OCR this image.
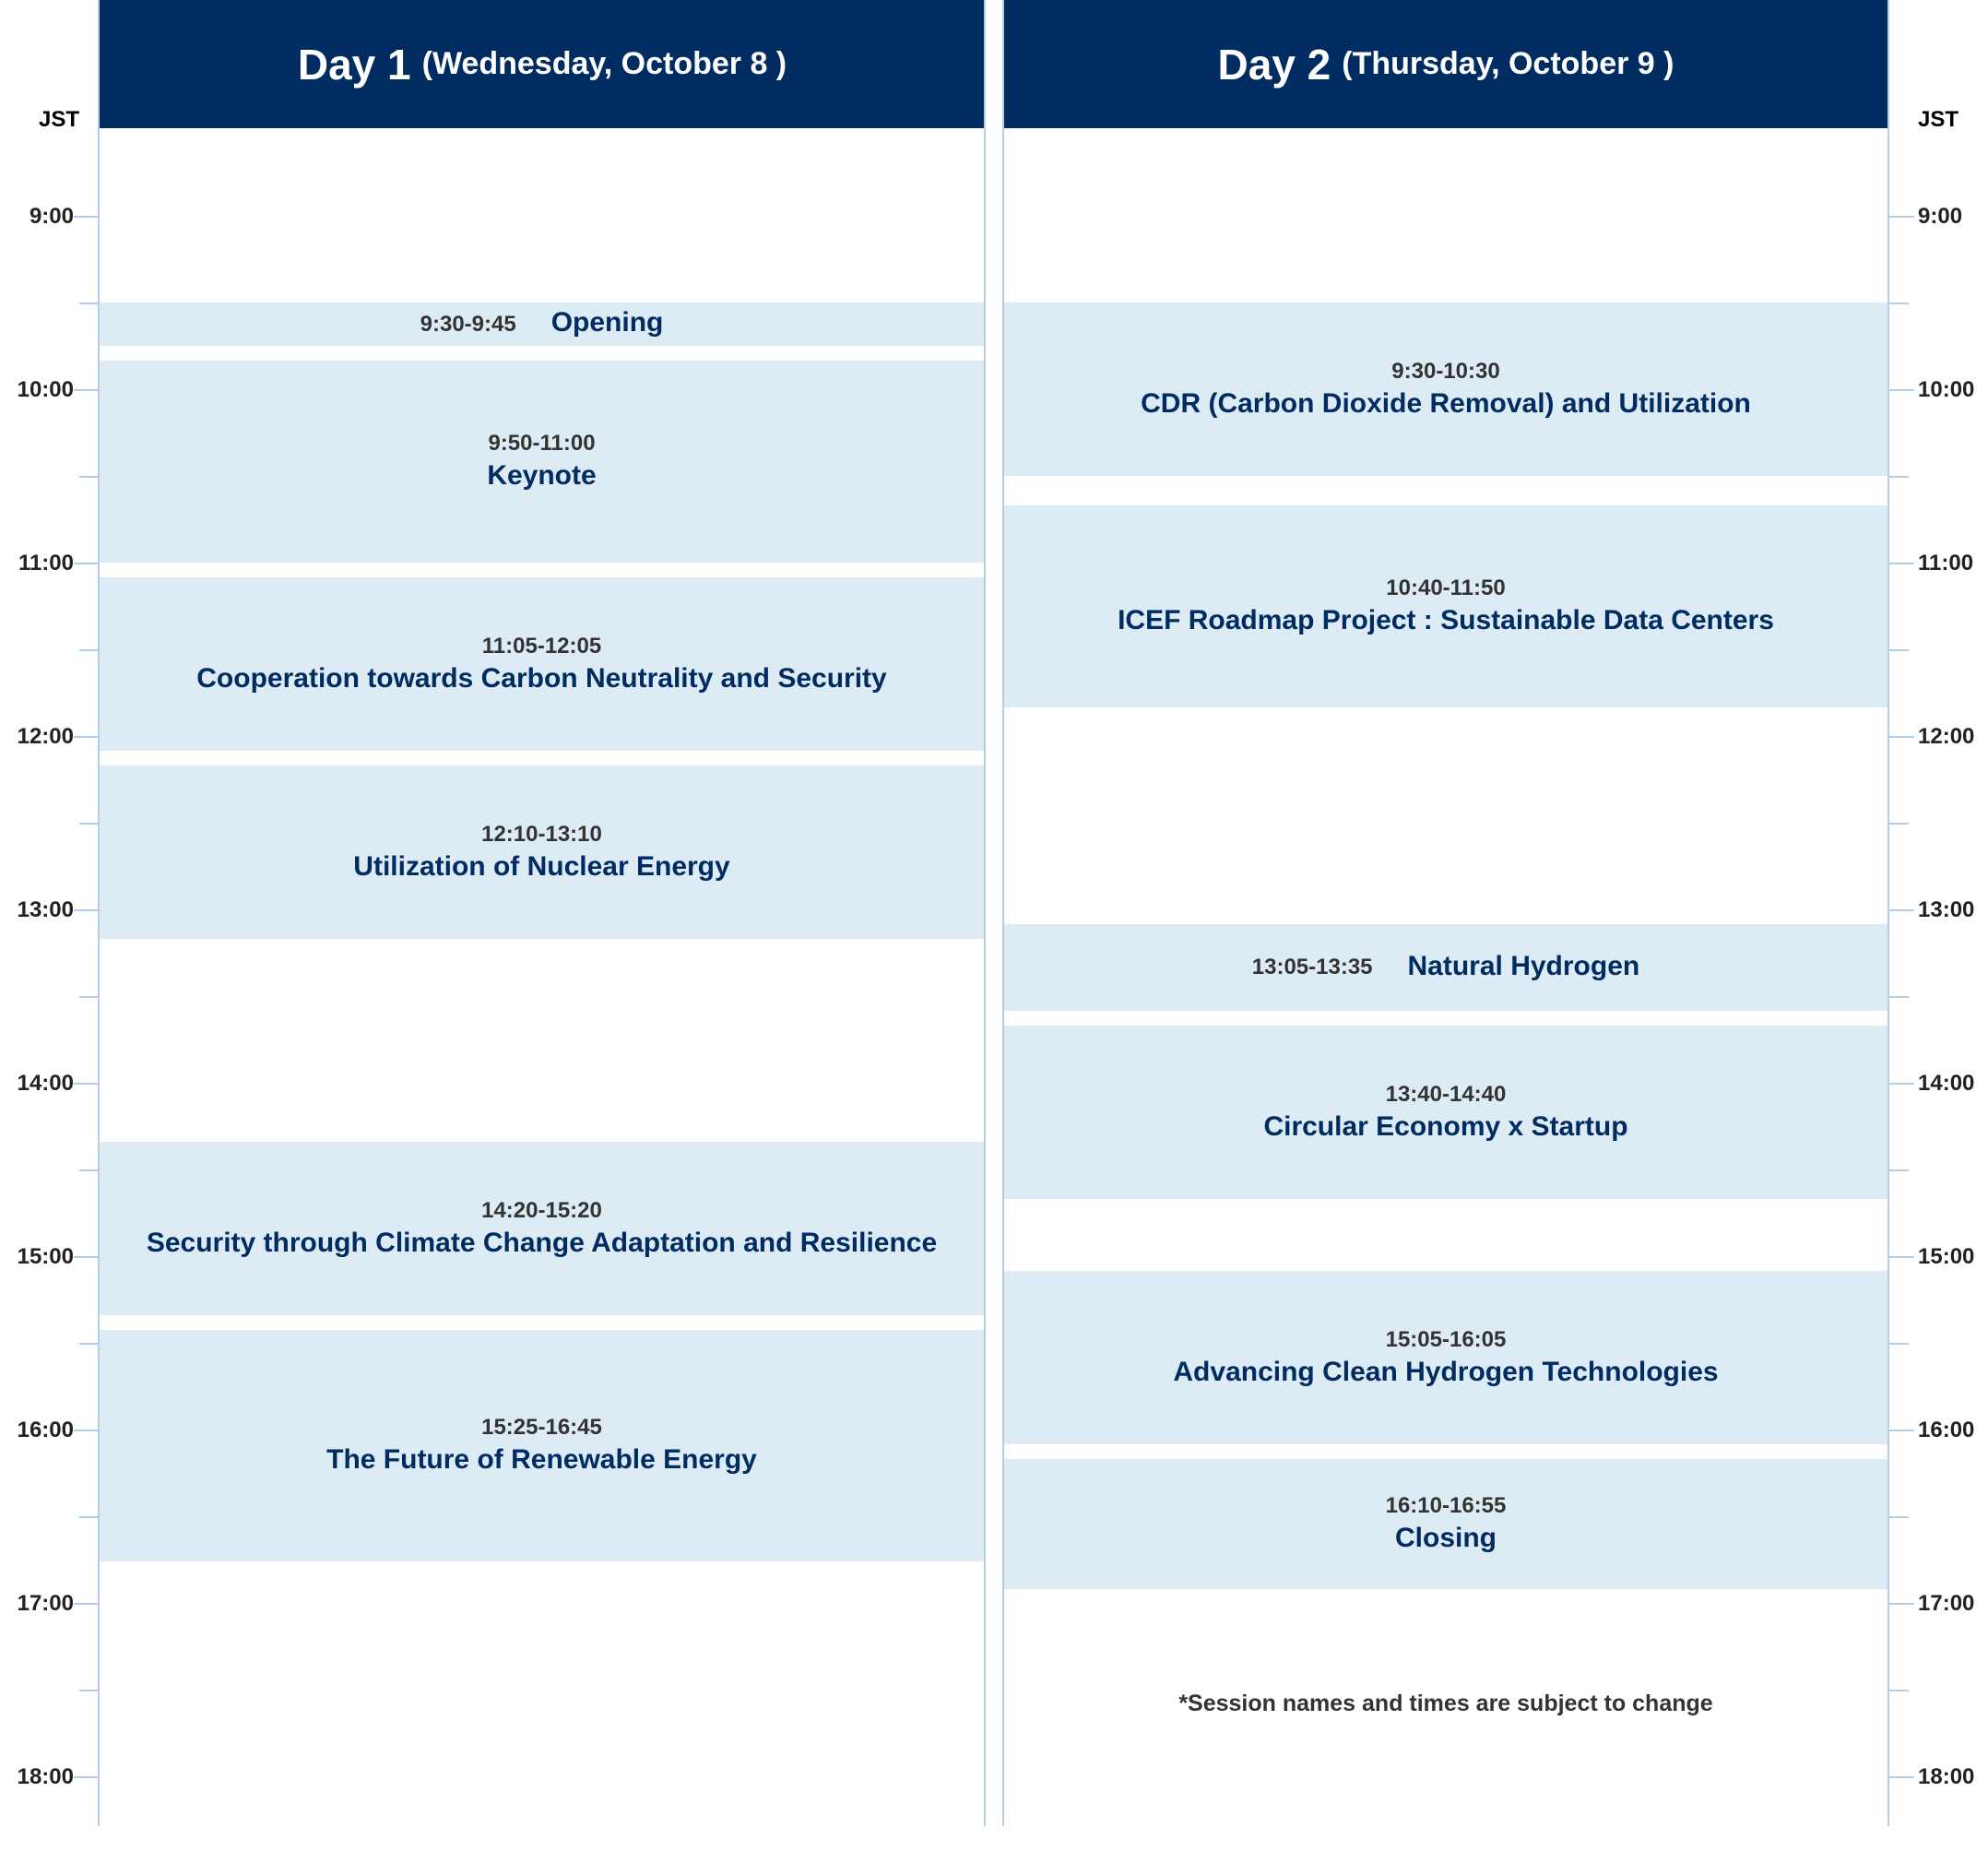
Day 1 (Wednesday, October 8 )	Day 2 (Thursday, October 9 )
JST	JST
9:00
10:00
11:00
12:00
13:00
14:00
15:00
16:00
17:00
18:00
9:00
10:00
11:00
12:00
13:00
14:00
15:00
16:00
17:00
18:00
9:30-9:45 Opening
9:50-11:00
Keynote
11:05-12:05
Cooperation towards Carbon Neutrality and Security
12:10-13:10
Utilization of Nuclear Energy
14:20-15:20
Security through Climate Change Adaptation and Resilience
15:25-16:45
The Future of Renewable Energy
9:30-10:30
CDR (Carbon Dioxide Removal) and Utilization
10:40-11:50
ICEF Roadmap Project : Sustainable Data Centers
13:05-13:35 Natural Hydrogen
13:40-14:40
Circular Economy x Startup
15:05-16:05
Advancing Clean Hydrogen Technologies
16:10-16:55
Closing
*Session names and times are subject to change
